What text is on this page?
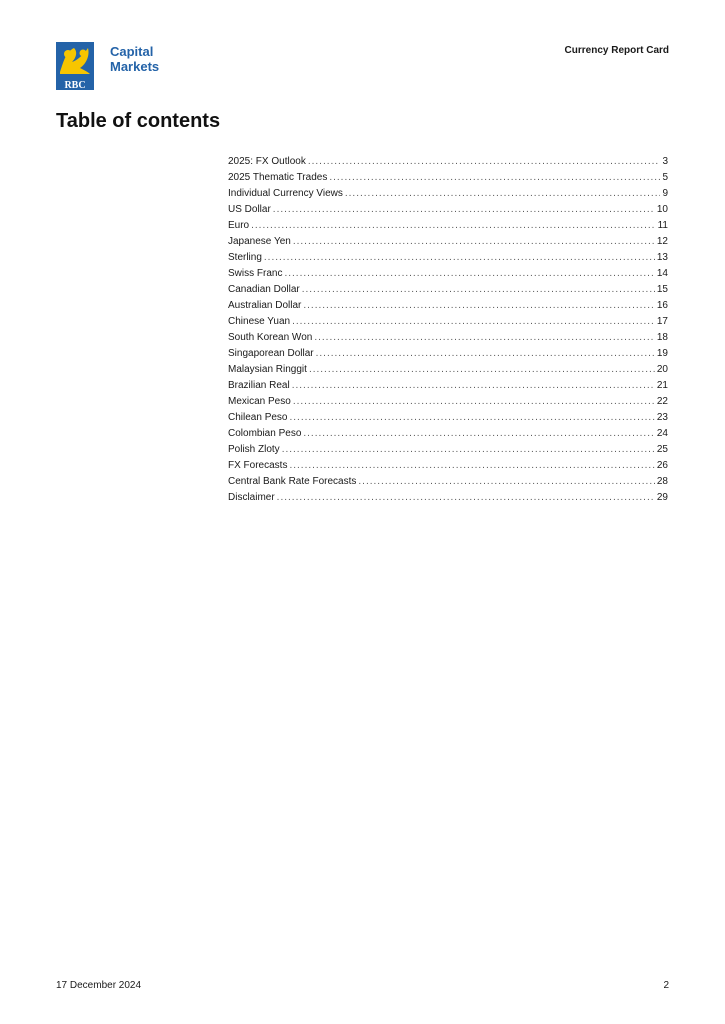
RBC
Capital
Markets
Currency Report Card
Table of contents
2025: FX Outlook .....	3
2025 Thematic Trades .....	5
Individual Currency Views .....	9
US Dollar .....	10
Euro .....	11
Japanese Yen .....	12
Sterling .....	13
Swiss Franc .....	14
Canadian Dollar .....	15
Australian Dollar .....	16
Chinese Yuan .....	17
South Korean Won .....	18
Singaporean Dollar .....	19
Malaysian Ringgit .....	20
Brazilian Real .....	21
Mexican Peso .....	22
Chilean Peso .....	23
Colombian Peso .....	24
Polish Zloty .....	25
FX Forecasts .....	26
Central Bank Rate Forecasts .....	28
Disclaimer .....	29
17 December 2024	2
